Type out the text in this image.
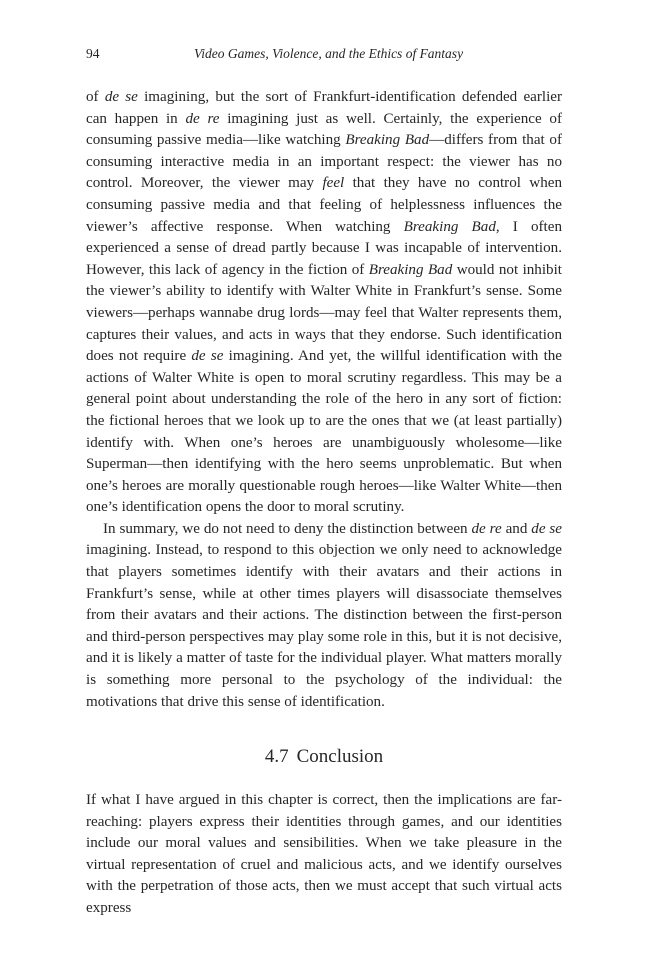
94	Video Games, Violence, and the Ethics of Fantasy

of de se imagining, but the sort of Frankfurt-identification defended earlier can happen in de re imagining just as well. Certainly, the experience of consuming passive media—like watching Breaking Bad—differs from that of consuming interactive media in an important respect: the viewer has no control. Moreover, the viewer may feel that they have no control when consuming passive media and that feeling of helplessness influences the viewer’s affective response. When watching Breaking Bad, I often experienced a sense of dread partly because I was incapable of intervention. However, this lack of agency in the fiction of Breaking Bad would not inhibit the viewer’s ability to identify with Walter White in Frankfurt’s sense. Some viewers—perhaps wannabe drug lords—may feel that Walter represents them, captures their values, and acts in ways that they endorse. Such identification does not require de se imagining. And yet, the willful identification with the actions of Walter White is open to moral scrutiny regardless. This may be a general point about understanding the role of the hero in any sort of fiction: the fictional heroes that we look up to are the ones that we (at least partially) identify with. When one’s heroes are unambiguously wholesome—like Superman—then identifying with the hero seems unproblematic. But when one’s heroes are morally questionable rough heroes—like Walter White—then one’s identification opens the door to moral scrutiny.

In summary, we do not need to deny the distinction between de re and de se imagining. Instead, to respond to this objection we only need to acknowledge that players sometimes identify with their avatars and their actions in Frankfurt’s sense, while at other times players will disassociate themselves from their avatars and their actions. The distinction between the first-person and third-person perspectives may play some role in this, but it is not decisive, and it is likely a matter of taste for the individual player. What matters morally is something more personal to the psychology of the individual: the motivations that drive this sense of identification.

4.7 Conclusion

If what I have argued in this chapter is correct, then the implications are far-reaching: players express their identities through games, and our identities include our moral values and sensibilities. When we take pleasure in the virtual representation of cruel and malicious acts, and we identify ourselves with the perpetration of those acts, then we must accept that such virtual acts express
